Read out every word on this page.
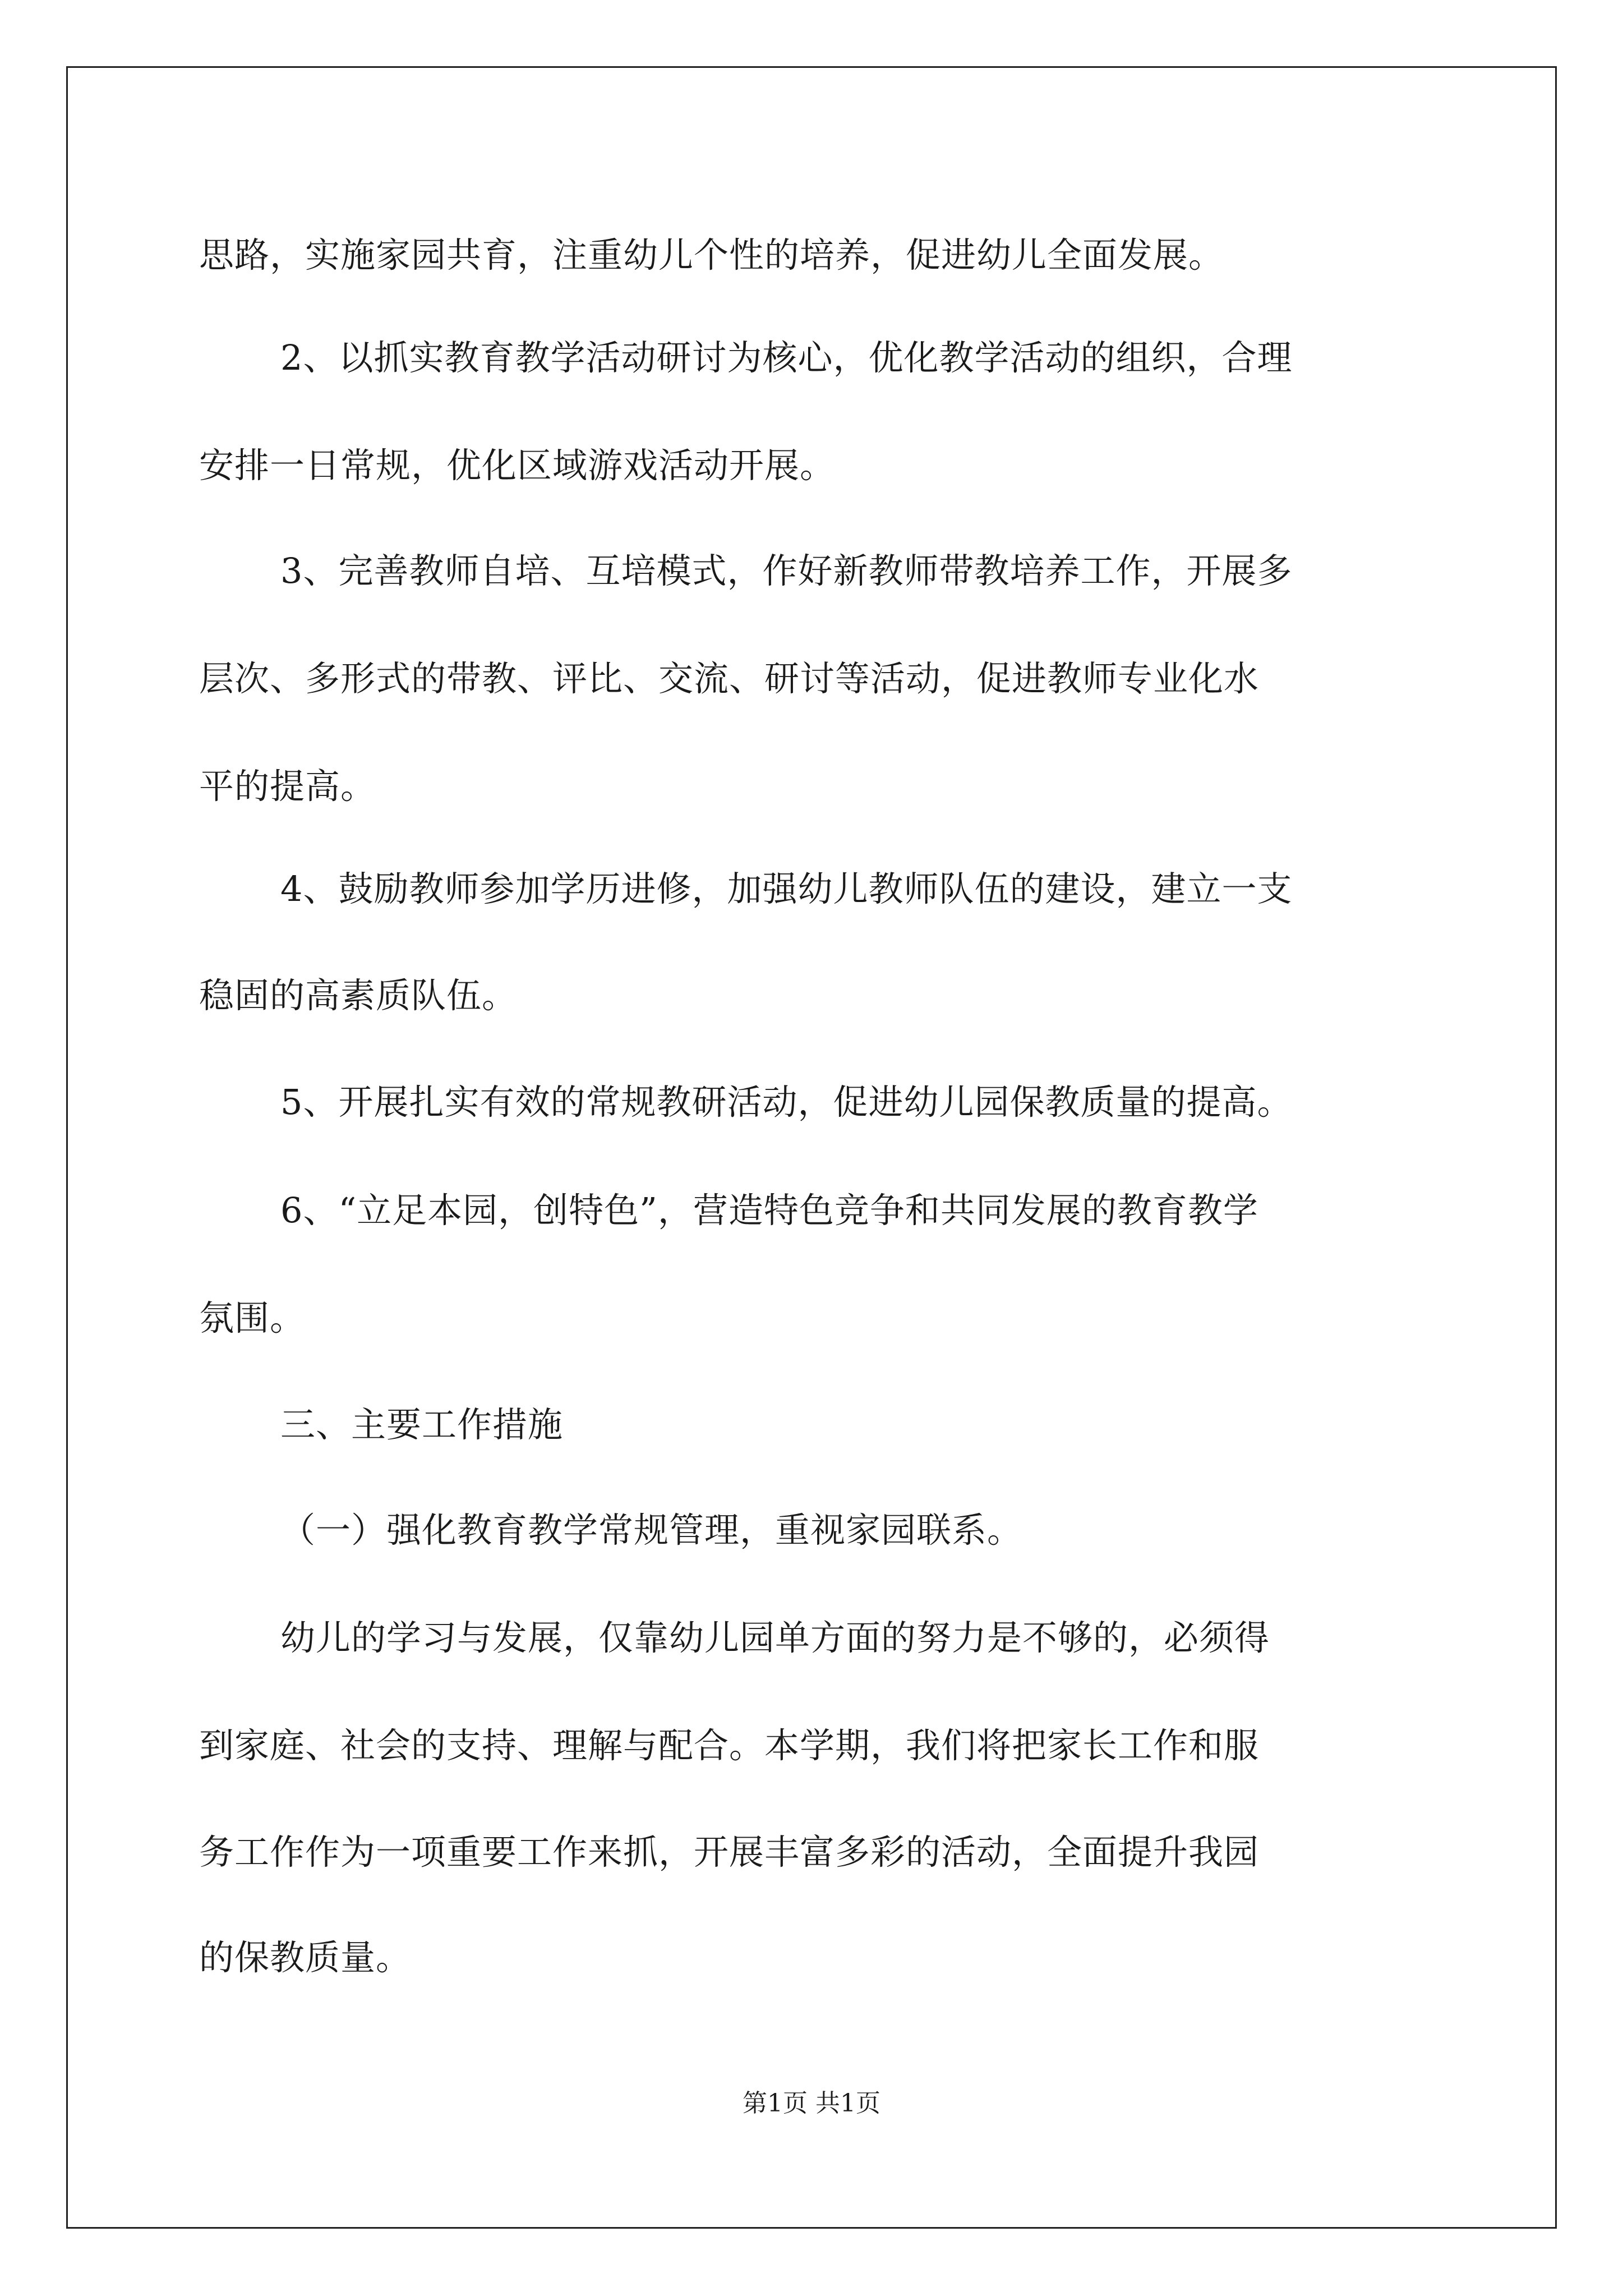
思路，实施家园共育，注重幼儿个性的培养，促进幼儿全面发展。
2、以抓实教育教学活动研讨为核心，优化教学活动的组织，合理
安排一日常规，优化区域游戏活动开展。
3、完善教师自培、互培模式，作好新教师带教培养工作，开展多
层次、多形式的带教、评比、交流、研讨等活动，促进教师专业化水
平的提高。
4、鼓励教师参加学历进修，加强幼儿教师队伍的建设，建立一支
稳固的高素质队伍。
5、开展扎实有效的常规教研活动，促进幼儿园保教质量的提高。
6、“立足本园，创特色”，营造特色竞争和共同发展的教育教学
氛围。
三、主要工作措施
（一）强化教育教学常规管理，重视家园联系。
幼儿的学习与发展，仅靠幼儿园单方面的努力是不够的，必须得
到家庭、社会的支持、理解与配合。本学期，我们将把家长工作和服
务工作作为一项重要工作来抓，开展丰富多彩的活动，全面提升我园
的保教质量。
第1页 共1页
